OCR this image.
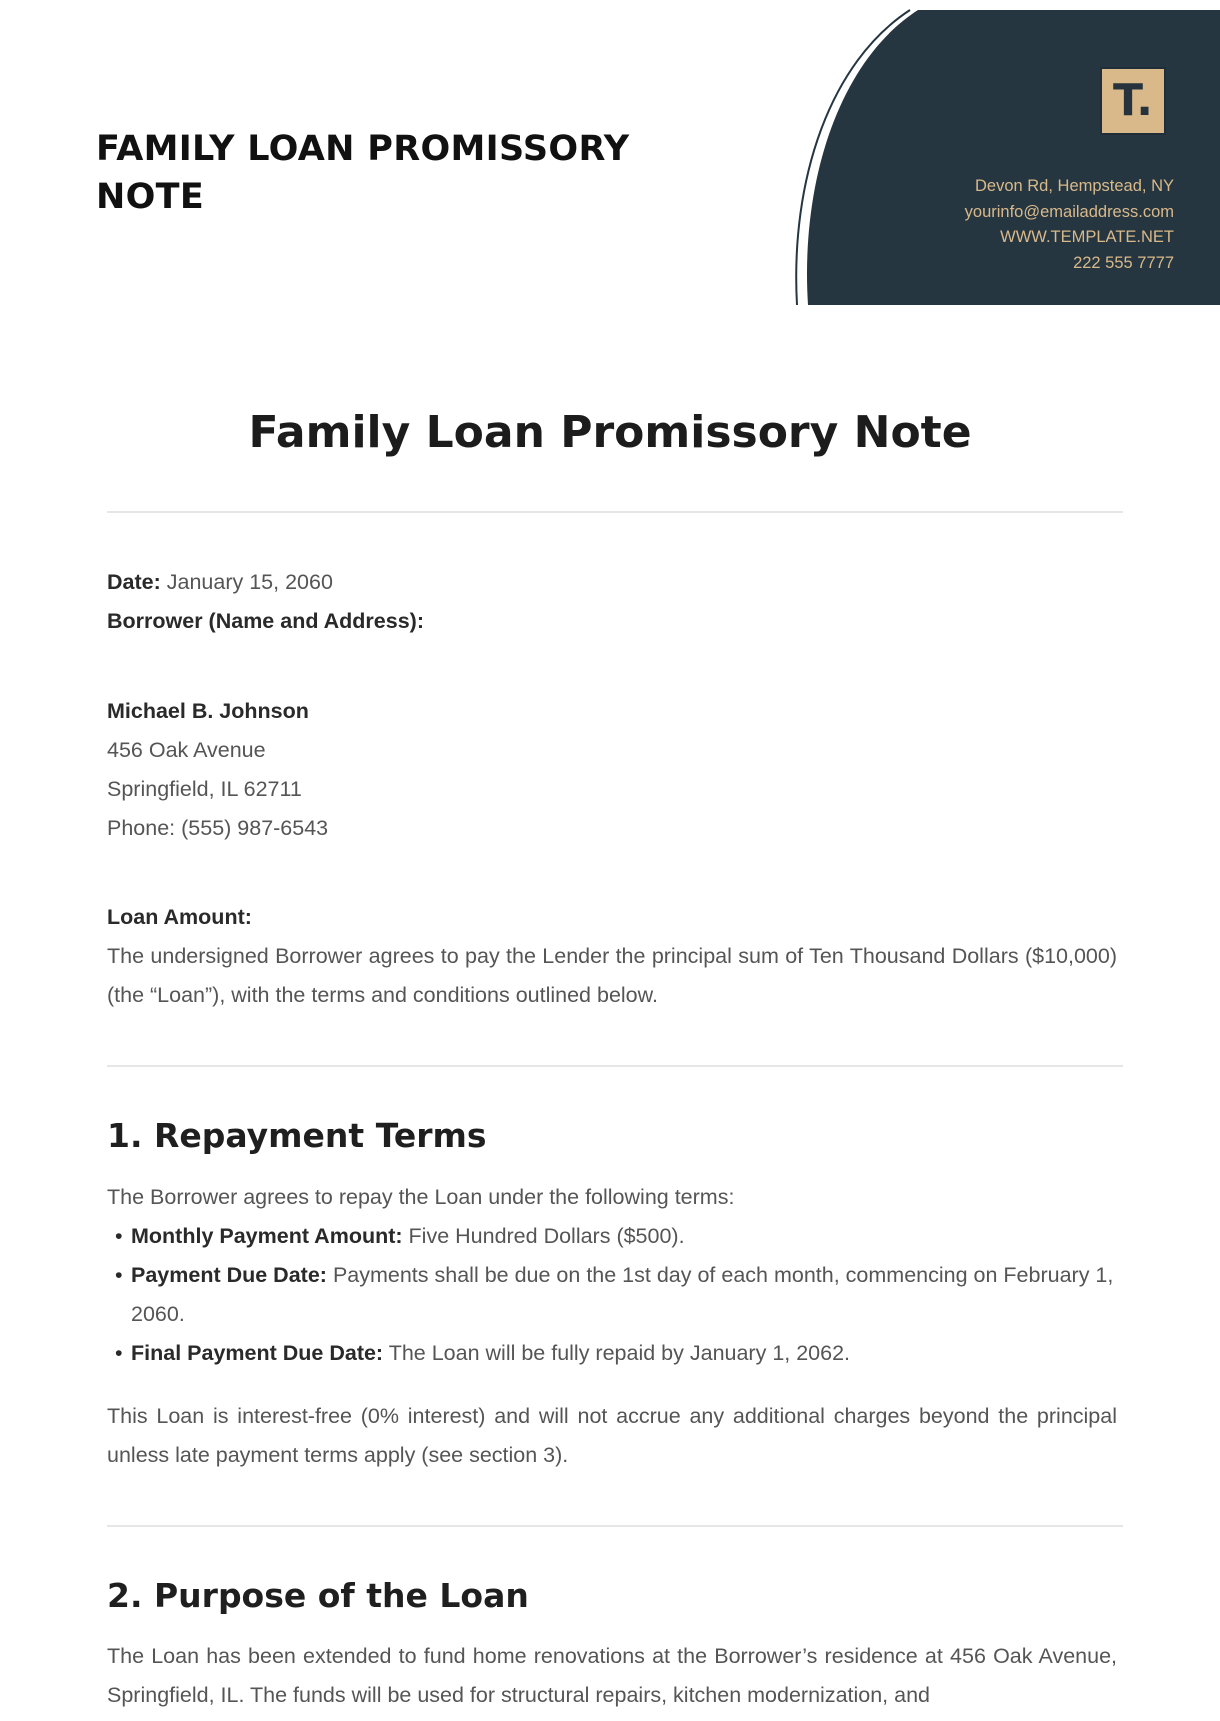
T.
Devon Rd, Hempstead, NY
yourinfo@emailaddress.com
WWW.TEMPLATE.NET
222 555 7777
FAMILY LOAN PROMISSORY NOTE
Family Loan Promissory Note

Date: January 15, 2060

Borrower (Name and Address):

Michael B. Johnson

456 Oak Avenue

Springfield, IL 62711

Phone: (555) 987-6543

Loan Amount:

The undersigned Borrower agrees to pay the Lender the principal sum of Ten Thousand Dollars ($10,000) (the “Loan”), with the terms and conditions outlined below.

1. Repayment Terms

The Borrower agrees to repay the Loan under the following terms:

• Monthly Payment Amount: Five Hundred Dollars ($500).
• Payment Due Date: Payments shall be due on the 1st day of each month, commencing on February 1, 2060.
• Final Payment Due Date: The Loan will be fully repaid by January 1, 2062.

This Loan is interest-free (0% interest) and will not accrue any additional charges beyond the principal unless late payment terms apply (see section 3).

2. Purpose of the Loan

The Loan has been extended to fund home renovations at the Borrower’s residence at 456 Oak Avenue, Springfield, IL. The funds will be used for structural repairs, kitchen modernization, and
